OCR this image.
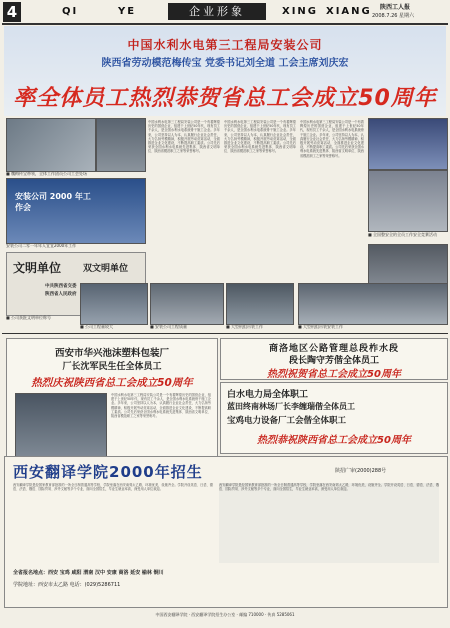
4	QI	YE	企业形象	XING XIANG 陕西工人报
2008.7.26 星期六
中国水利水电第三工程局安装公司
陕西省劳动模范梅传宝 党委书记刘全道 工会主席刘庆宏
率全体员工热烈恭贺省总工会成立50周年
■ 魏梅传宝带领，全体工作团员公司工会处场
安装公司 2000 年工作会
安装公司二零一年年人宜宜2000年工作
文明单位 双文明单位
中共陕西省交委
陕西省人民政府
■ 公司获批文明单位称号
中国水利水电第三工程局安装公司是一个有着辉煌历史的国营企业，组建于上世纪50年代，现有员工千余人，是全国水利水电系统骨干施工企业。多年来，公司坚持以人为本，认真履行企业社会责任，大力弘扬劳模精神，积极开展劳动竞赛活动，全面推进企业文化建设，不断提高职工素质。公司先后荣获全国水利水电系统先进集体、陕西省文明单位、陕西省模范职工之家等荣誉称号。
中国水利水电第三工程局安装公司是一个有着辉煌历史的国营企业，组建于上世纪50年代，现有员工千余人，是全国水利水电系统骨干施工企业。多年来，公司坚持以人为本，认真履行企业社会责任，大力弘扬劳模精神，积极开展劳动竞赛活动，全面推进企业文化建设，不断提高职工素质。公司先后荣获全国水利水电系统先进集体、陕西省文明单位、陕西省模范职工之家等荣誉称号。
中国水利水电第三工程局安装公司是一个有着辉煌历史的国营企业，组建于上世纪50年代，现有员工千余人，是全国水利水电系统骨干施工企业。多年来，公司坚持以人为本，认真履行企业社会责任，大力弘扬劳模精神，积极开展劳动竞赛活动，全面推进企业文化建设，不断提高职工素质。公司先后荣获全国水利水电系统先进集体、陕西省文明单位、陕西省模范职工之家等荣誉称号。
■ 全国整安全的全员工作安全竞赛活动
■ 公司工程量较大	■ 安装公司工程质量	■ 大型机组吊装工作	■ 大型机组吊装安装工作
西安市华兴池沫塑料包装厂
厂长沈军民生任全体员工
热烈庆祝陕西省总工会成立50周年
中国水利水电第三工程局安装公司是一个有着辉煌历史的国营企业，组建于上世纪50年代，现有员工千余人，是全国水利水电系统骨干施工企业。多年来，公司坚持以人为本，认真履行企业社会责任，大力弘扬劳模精神，积极开展劳动竞赛活动，全面推进企业文化建设，不断提高职工素质。公司先后荣获全国水利水电系统先进集体、陕西省文明单位、陕西省模范职工之家等荣誉称号。
商洛地区公路管理总段柞水段
段长陶守芳偕全体员工
热烈祝贺省总工会成立50周年
白水电力局全体职工
蓝田终南林场厂长李缠瑞偕全体员工
宝鸡电力设备厂工会偕全体职工
热烈恭祝陕西省总工会成立50周年
西安翻译学院2000年招生	陕招广审(2000)288号
西安翻译学院是经国家教育部批准的一所全日制普通高等学校，学院坐落在西安南郊太乙路，环境优美，设施齐全。学院开设英语、日语、德语、法语、俄语、国际贸易、涉外文秘等多个专业，面向全国招生，毕业生就业率高，深受用人单位欢迎。
西安翻译学院是经国家教育部批准的一所全日制普通高等学校，学院坐落在西安南郊太乙路，环境优美，设施齐全。学院开设英语、日语、德语、法语、俄语、国际贸易、涉外文秘等多个专业，面向全国招生，毕业生就业率高，深受用人单位欢迎。
全省报名地点：西安 宝鸡 咸阳 渭南 汉中 安康 商洛 延安 榆林 铜川
学院地址：西安市太乙路 电话：(029)5286711
中国西安翻译学院 · 西安翻译学院招生办公室 · 邮编 710000 · 传真 5285061
